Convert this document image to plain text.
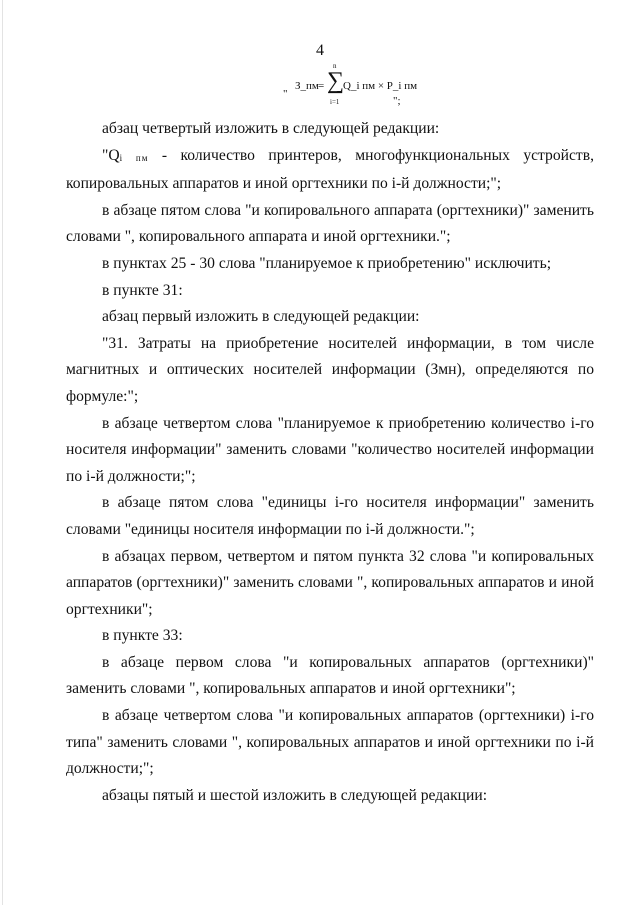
4
"
З_пм = ∑
n
i=1
Q_i пм × P_i пм
";

абзац четвертый изложить в следующей редакции:

"Qi пм - количество принтеров, многофункциональных устройств, копировальных аппаратов и иной оргтехники по i-й должности;";

в абзаце пятом слова "и копировального аппарата (оргтехники)" заменить словами ", копировального аппарата и иной оргтехники.";

в пунктах 25 - 30 слова "планируемое к приобретению" исключить;

в пункте 31:

абзац первый изложить в следующей редакции:

"31. Затраты на приобретение носителей информации, в том числе магнитных и оптических носителей информации (Змн), определяются по формуле:";

в абзаце четвертом слова "планируемое к приобретению количество i-го носителя информации" заменить словами "количество носителей информации по i-й должности;";

в абзаце пятом слова "единицы i-го носителя информации" заменить словами "единицы носителя информации по i-й должности.";

в абзацах первом, четвертом и пятом пункта 32 слова "и копировальных аппаратов (оргтехники)" заменить словами ", копировальных аппаратов и иной оргтехники";

в пункте 33:

в абзаце первом слова "и копировальных аппаратов (оргтехники)" заменить словами ", копировальных аппаратов и иной оргтехники";

в абзаце четвертом слова "и копировальных аппаратов (оргтехники) i-го типа" заменить словами ", копировальных аппаратов и иной оргтехники по i-й должности;";

абзацы пятый и шестой изложить в следующей редакции:
